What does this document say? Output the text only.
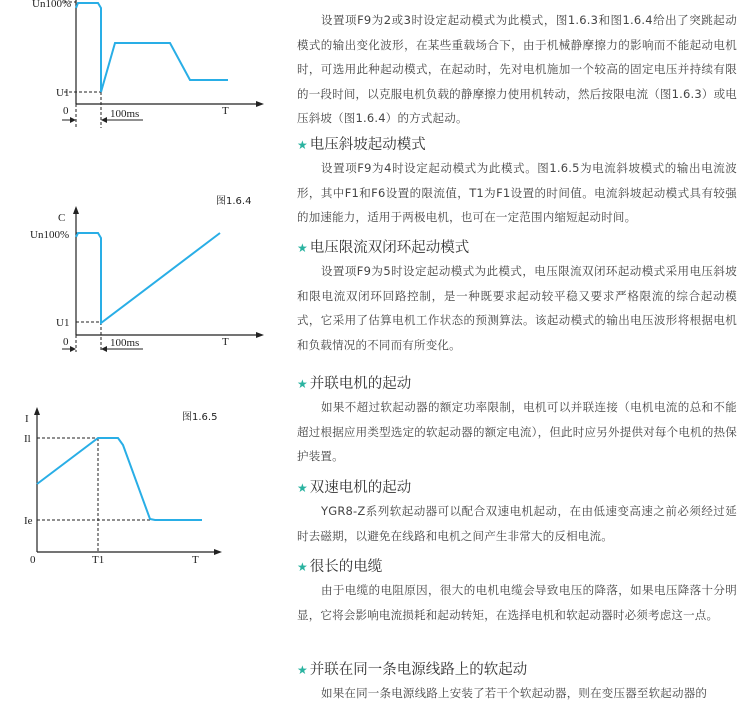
Un100%
U1
0	100ms	T
图1.6.4
C
Un100%
U1
0	100ms	T
图1.6.5
I
Il
Ie
0	T1	T

设置项F9为2或3时设定起动模式为此模式，图1.6.3和图1.6.4给出了突跳起动模式的输出变化波形，在某些重载场合下，由于机械静摩擦力的影响而不能起动电机时，可选用此种起动模式，在起动时，先对电机施加一个较高的固定电压并持续有限的一段时间，以克服电机负载的静摩擦力使用机转动，然后按限电流（图1.6.3）或电压斜坡（图1.6.4）的方式起动。

★ 电压斜坡起动模式

设置项F9为4时设定起动模式为此模式。图1.6.5为电流斜坡模式的输出电流波形，其中F1和F6设置的限流值，T1为F1设置的时间值。电流斜坡起动模式具有较强的加速能力，适用于两极电机，也可在一定范围内缩短起动时间。

★ 电压限流双闭环起动模式

设置项F9为5时设定起动模式为此模式，电压限流双闭环起动模式采用电压斜坡和限电流双闭环回路控制，是一种既要求起动较平稳又要求严格限流的综合起动模式，它采用了估算电机工作状态的预测算法。该起动模式的输出电压波形将根据电机和负载情况的不同而有所变化。

★ 并联电机的起动

如果不超过软起动器的额定功率限制，电机可以并联连接（电机电流的总和不能超过根据应用类型选定的软起动器的额定电流），但此时应另外提供对每个电机的热保护装置。

★ 双速电机的起动

YGR8-Z系列软起动器可以配合双速电机起动，在由低速变高速之前必须经过延时去磁期，以避免在线路和电机之间产生非常大的反相电流。

★ 很长的电缆

由于电缆的电阻原因，很大的电机电缆会导致电压的降落，如果电压降落十分明显，它将会影响电流损耗和起动转矩，在选择电机和软起动器时必须考虑这一点。

★ 并联在同一条电源线路上的软起动

如果在同一条电源线路上安装了若干个软起动器，则在变压器至软起动器的
